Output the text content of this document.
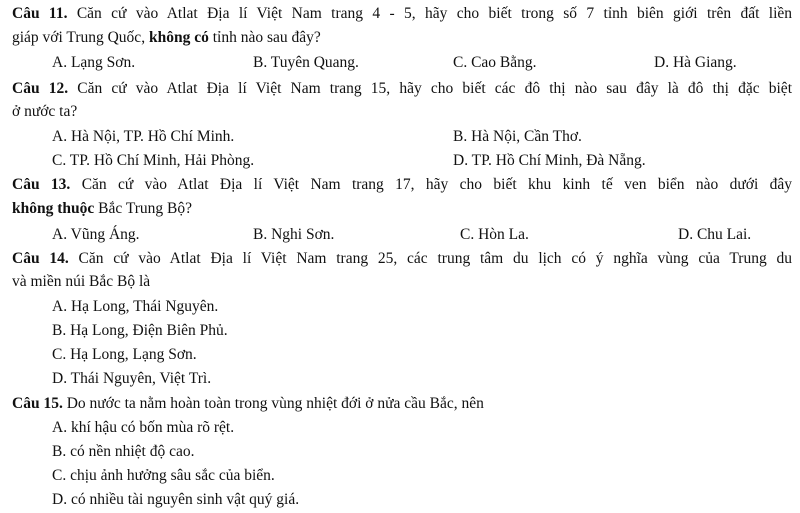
Câu 11. Căn cứ vào Atlat Địa lí Việt Nam trang 4 - 5, hãy cho biết trong số 7 tỉnh biên giới trên đất liền
giáp với Trung Quốc, không có tỉnh nào sau đây?
A. Lạng Sơn.	B. Tuyên Quang.	C. Cao Bằng.	D. Hà Giang.
Câu 12. Căn cứ vào Atlat Địa lí Việt Nam trang 15, hãy cho biết các đô thị nào sau đây là đô thị đặc biệt
ở nước ta?
A. Hà Nội, TP. Hồ Chí Minh.	B. Hà Nội, Cần Thơ.
C. TP. Hồ Chí Minh, Hải Phòng.	D. TP. Hồ Chí Minh, Đà Nẵng.
Câu 13. Căn cứ vào Atlat Địa lí Việt Nam trang 17, hãy cho biết khu kinh tế ven biển nào dưới đây
không thuộc Bắc Trung Bộ?
A. Vũng Áng.	B. Nghi Sơn.	C. Hòn La.	D. Chu Lai.
Câu 14. Căn cứ vào Atlat Địa lí Việt Nam trang 25, các trung tâm du lịch có ý nghĩa vùng của Trung du
và miền núi Bắc Bộ là
A. Hạ Long, Thái Nguyên.
B. Hạ Long, Điện Biên Phủ.
C. Hạ Long, Lạng Sơn.
D. Thái Nguyên, Việt Trì.
Câu 15. Do nước ta nằm hoàn toàn trong vùng nhiệt đới ở nửa cầu Bắc, nên
A. khí hậu có bốn mùa rõ rệt.
B. có nền nhiệt độ cao.
C. chịu ảnh hưởng sâu sắc của biển.
D. có nhiều tài nguyên sinh vật quý giá.
